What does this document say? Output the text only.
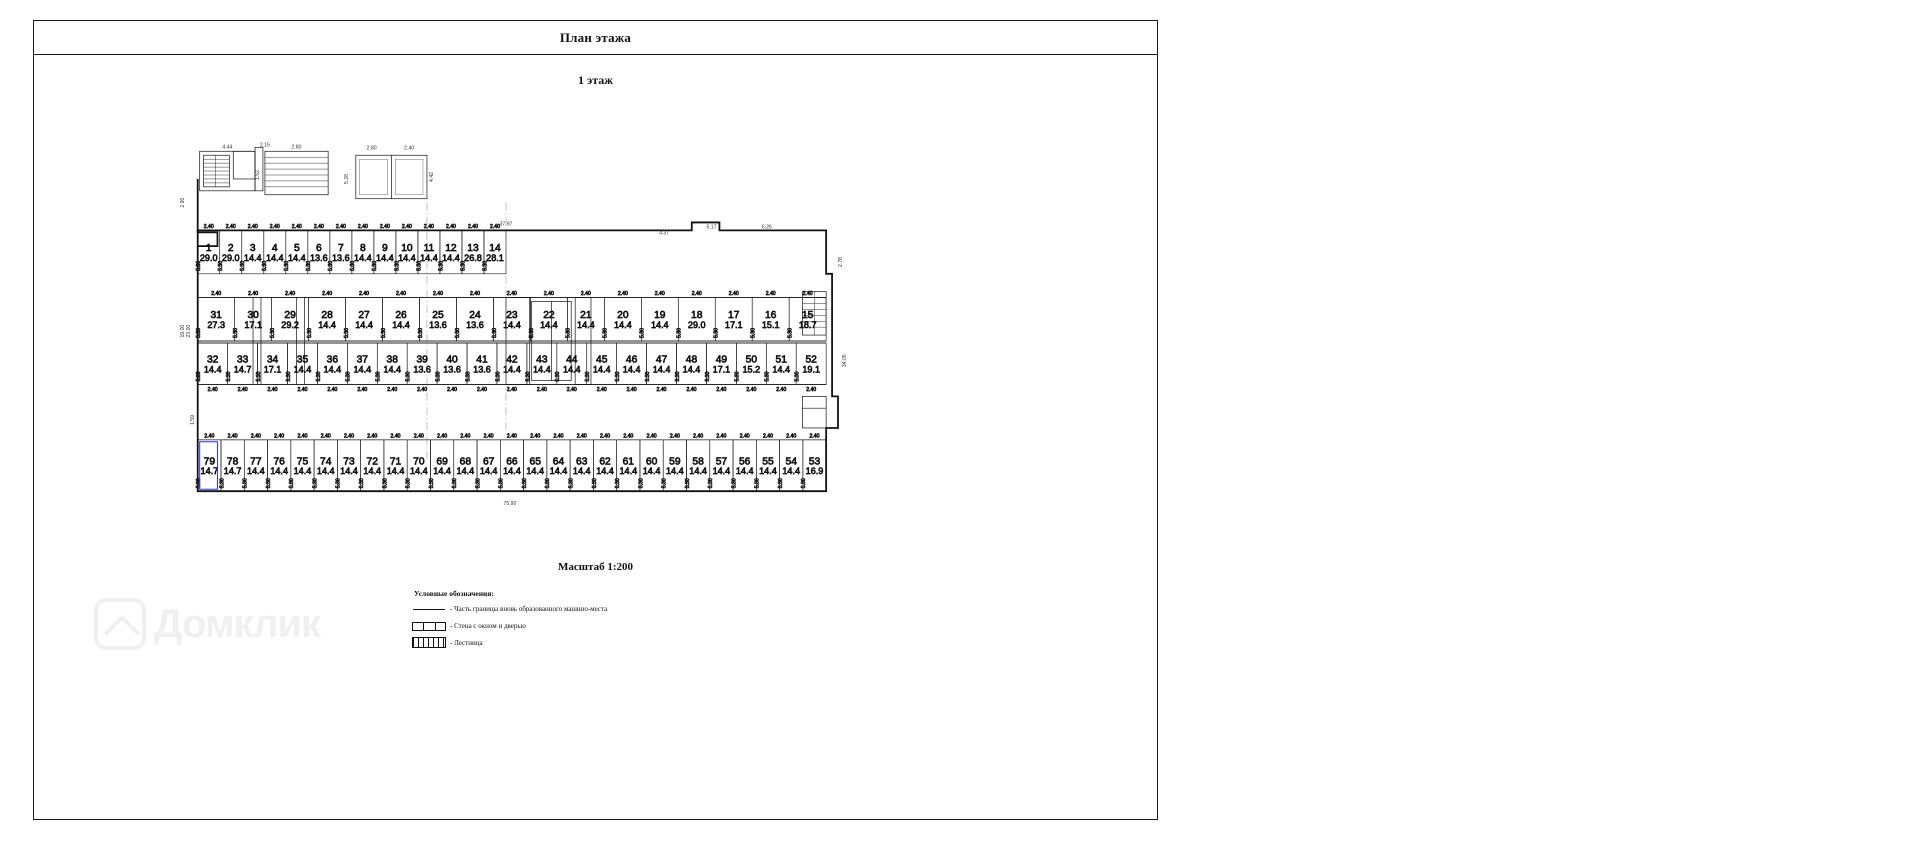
План этажа
1 этаж
4.44	2.15	2.80	2.80	2.40
2.90
1.52	5.28	4.42
1
29.0
2.40
5.30
2
29.0
2.40
5.30
3
14.4
2.40
5.30
4
14.4
2.40
5.30
5
14.4
2.40
5.30
6
13.6
2.40
5.30
7
13.6
2.40
5.30
8
14.4
2.40
5.30
9
14.4
2.40
5.30
10
14.4
2.40
5.30
11
14.4
2.40
5.30
12
14.4
2.40
5.30
13
26.8
2.40
5.30
14
28.1
2.40
5.30
31
27.3
2.40
5.30
30
17.1
2.40
5.30
29
29.2
2.40
5.30
28
14.4
2.40
5.30
27
14.4
2.40
5.30
26
14.4
2.40
5.30
25
13.6
2.40
5.30
24
13.6
2.40
5.30
23
14.4
2.40
5.30
22
14.4
2.40
5.30
21
14.4
2.40
5.30
20
14.4
2.40
5.30
19
14.4
2.40
5.30
18
29.0
2.40
5.30
17
17.1
2.40
5.30
16
15.1
2.40
5.30
15
18.7
2.40
5.30
32
14.4
2.40
5.30
33
14.7
2.40
5.30
34
17.1
2.40
5.30
35
14.4
2.40
5.30
36
14.4
2.40
5.30
37
14.4
2.40
5.30
38
14.4
2.40
5.30
39
13.6
2.40
5.30
40
13.6
2.40
5.30
41
13.6
2.40
5.30
42
14.4
2.40
5.30
43
14.4
2.40
5.30
44
14.4
2.40
5.30
45
14.4
2.40
5.30
46
14.4
2.40
5.30
47
14.4
2.40
5.30
48
14.4
2.40
5.30
49
17.1
2.40
5.30
50
15.2
2.40
5.30
51
14.4
2.40
5.30
52
19.1
2.40
5.30
79
14.7
2.40
5.30
78
14.7
2.40
5.30
77
14.4
2.40
5.30
76
14.4
2.40
5.30
75
14.4
2.40
5.30
74
14.4
2.40
5.30
73
14.4
2.40
5.30
72
14.4
2.40
5.30
71
14.4
2.40
5.30
70
14.4
2.40
5.30
69
14.4
2.40
5.30
68
14.4
2.40
5.30
67
14.4
2.40
5.30
66
14.4
2.40
5.30
65
14.4
2.40
5.30
64
14.4
2.40
5.30
63
14.4
2.40
5.30
62
14.4
2.40
5.30
61
14.4
2.40
5.30
60
14.4
2.40
5.30
59
14.4
2.40
5.30
58
14.4
2.40
5.30
57
14.4
2.40
5.30
56
14.4
2.40
5.30
55
14.4
2.40
5.30
54
14.4
2.40
5.30
53
16.9
2.40
5.30
37.97
75.90
23.00
19.00
34.05
2.78
6.26
5.17
4.37
1.59
Масштаб 1:200
Условные обозначения:
- Часть границы вновь образованного машино-места
- Стена с окном и дверью
- Лестница
Домклик
